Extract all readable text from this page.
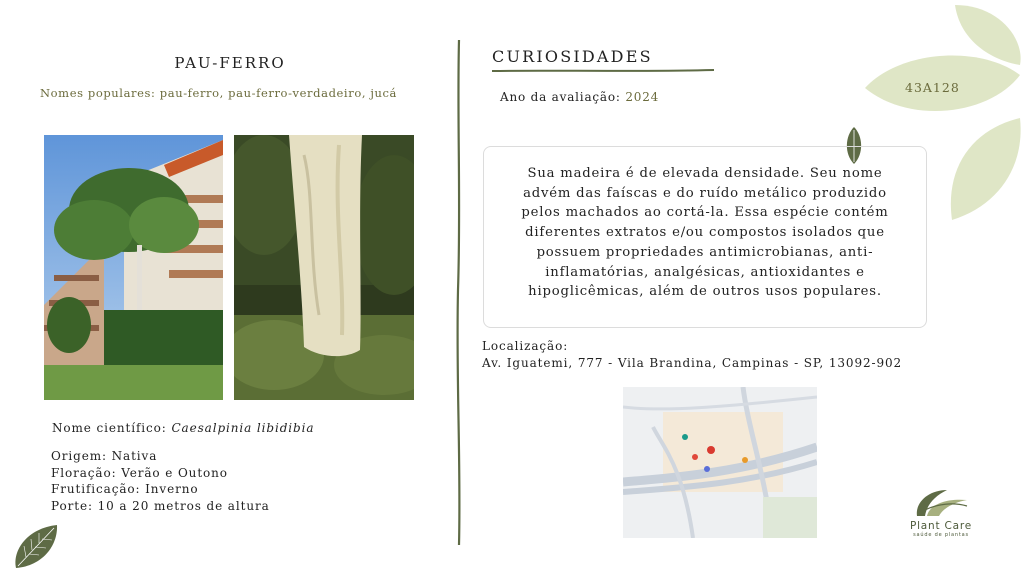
43A128
PAU-FERRO
Nomes populares: pau-ferro, pau-ferro-verdadeiro, jucá
Nome científico: Caesalpinia libidibia
Origem: Nativa
Floração: Verão e Outono
Frutificação: Inverno
Porte: 10 a 20 metros de altura
CURIOSIDADES
Ano da avaliação: 2024

Sua madeira é de elevada densidade. Seu nome advém das faíscas e do ruído metálico produzido pelos machados ao cortá-la. Essa espécie contém diferentes extratos e/ou compostos isolados que possuem propriedades antimicrobianas, anti-inflamatórias, analgésicas, antioxidantes e hipoglicêmicas, além de outros usos populares.

Localização:
Av. Iguatemi, 777 - Vila Brandina, Campinas - SP, 13092-902
Plant Care
saúde de plantas
